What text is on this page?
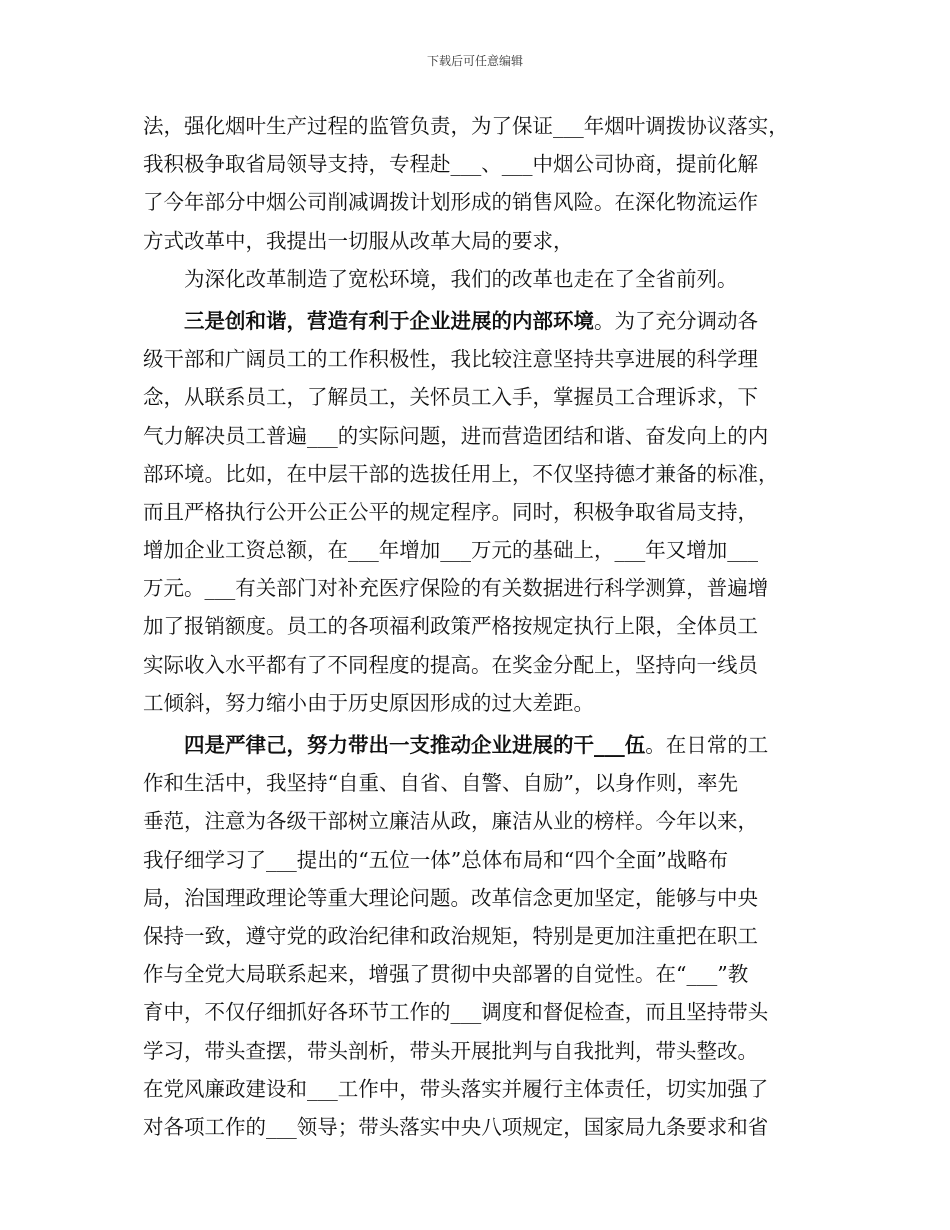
下载后可任意编辑
法，强化烟叶生产过程的监管负责，为了保证___年烟叶调拨协议落实，
我积极争取省局领导支持，专程赴___、___中烟公司协商，提前化解
了今年部分中烟公司削减调拨计划形成的销售风险。在深化物流运作
方式改革中，我提出一切服从改革大局的要求，
为深化改革制造了宽松环境，我们的改革也走在了全省前列。
三是创和谐，营造有利于企业进展的内部环境。为了充分调动各
级干部和广阔员工的工作积极性，我比较注意坚持共享进展的科学理
念，从联系员工，了解员工，关怀员工入手，掌握员工合理诉求，下
气力解决员工普遍___的实际问题，进而营造团结和谐、奋发向上的内
部环境。比如，在中层干部的选拔任用上，不仅坚持德才兼备的标准，
而且严格执行公开公正公平的规定程序。同时，积极争取省局支持，
增加企业工资总额，在___年增加___万元的基础上，___年又增加___
万元。___有关部门对补充医疗保险的有关数据进行科学测算，普遍增
加了报销额度。员工的各项福利政策严格按规定执行上限，全体员工
实际收入水平都有了不同程度的提高。在奖金分配上，坚持向一线员
工倾斜，努力缩小由于历史原因形成的过大差距。
四是严律己，努力带出一支推动企业进展的干___伍。在日常的工
作和生活中，我坚持“自重、自省、自警、自励”，以身作则，率先
垂范，注意为各级干部树立廉洁从政，廉洁从业的榜样。今年以来，
我仔细学习了___提出的“五位一体”总体布局和“四个全面”战略布
局，治国理政理论等重大理论问题。改革信念更加坚定，能够与中央
保持一致，遵守党的政治纪律和政治规矩，特别是更加注重把在职工
作与全党大局联系起来，增强了贯彻中央部署的自觉性。在“___”教
育中，不仅仔细抓好各环节工作的___调度和督促检查，而且坚持带头
学习，带头查摆，带头剖析，带头开展批判与自我批判，带头整改。
在党风廉政建设和___工作中，带头落实并履行主体责任，切实加强了
对各项工作的___领导；带头落实中央八项规定，国家局九条要求和省
